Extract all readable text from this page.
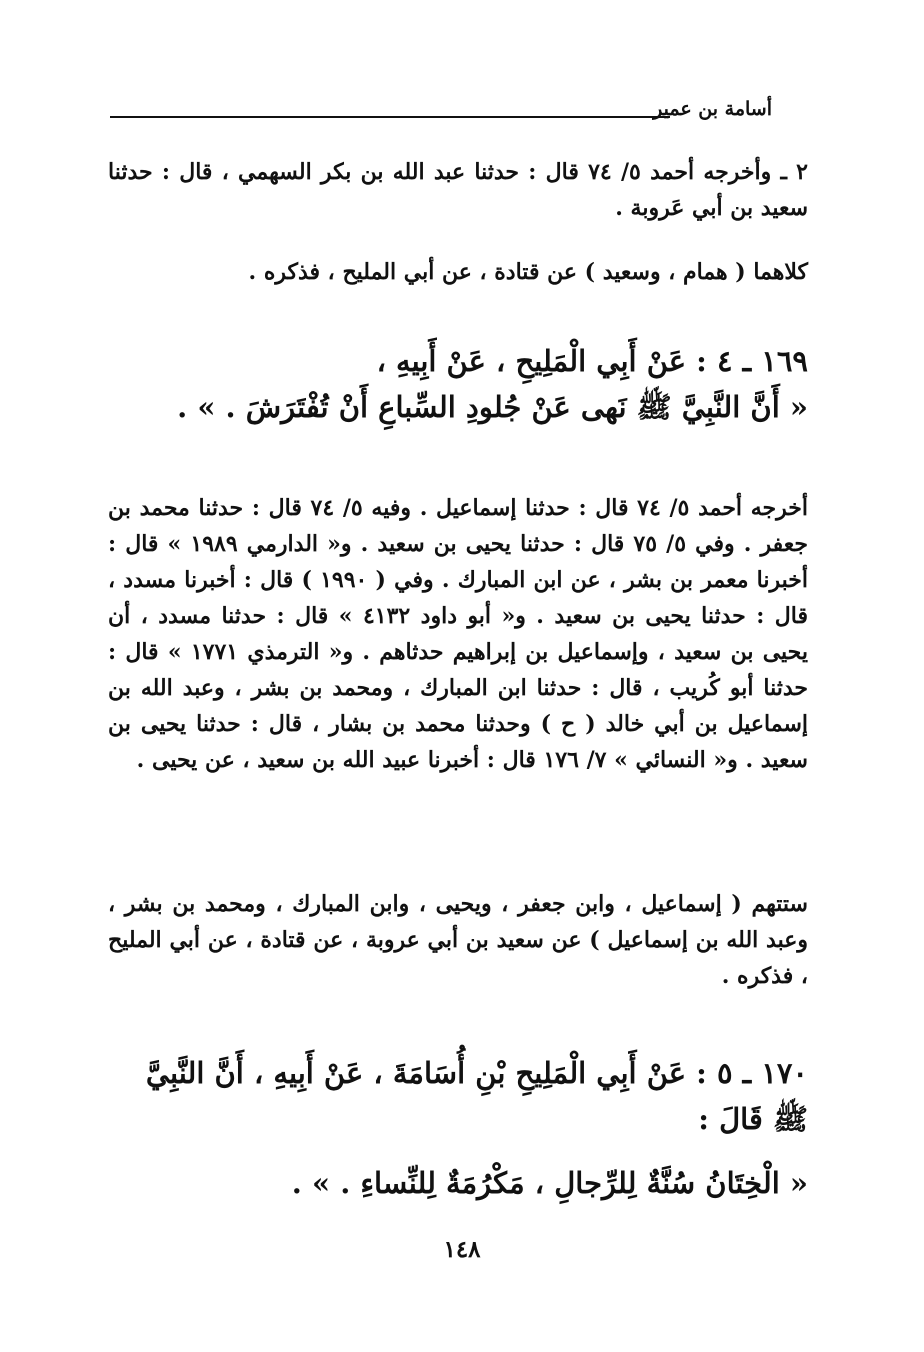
أسامة بن عمير

٢ ـ وأخرجه أحمد ٥/ ٧٤ قال : حدثنا عبد الله بن بكر السهمي ، قال : حدثنا سعيد بن أبي عَروبة .

كلاهما ( همام ، وسعيد ) عن قتادة ، عن أبي المليح ، فذكره .

١٦٩ ـ ٤ : عَنْ أَبِي الْمَلِيحِ ، عَنْ أَبِيهِ ،

« أَنَّ النَّبِيَّ ﷺ نَهى عَنْ جُلودِ السِّباعِ أَنْ تُفْتَرَشَ . » .

أخرجه أحمد ٥/ ٧٤ قال : حدثنا إسماعيل . وفيه ٥/ ٧٤ قال : حدثنا محمد بن جعفر . وفي ٥/ ٧٥ قال : حدثنا يحيى بن سعيد . و« الدارمي ١٩٨٩ » قال : أخبرنا معمر بن بشر ، عن ابن المبارك . وفي ( ١٩٩٠ ) قال : أخبرنا مسدد ، قال : حدثنا يحيى بن سعيد . و« أبو داود ٤١٣٢ » قال : حدثنا مسدد ، أن يحيى بن سعيد ، وإسماعيل بن إبراهيم حدثاهم . و« الترمذي ١٧٧١ » قال : حدثنا أبو كُريب ، قال : حدثنا ابن المبارك ، ومحمد بن بشر ، وعبد الله بن إسماعيل بن أبي خالد ( ح ) وحدثنا محمد بن بشار ، قال : حدثنا يحيى بن سعيد . و« النسائي » ٧/ ١٧٦ قال : أخبرنا عبيد الله بن سعيد ، عن يحيى .

ستتهم ( إسماعيل ، وابن جعفر ، ويحيى ، وابن المبارك ، ومحمد بن بشر ، وعبد الله بن إسماعيل ) عن سعيد بن أبي عروبة ، عن قتادة ، عن أبي المليح ، فذكره .

١٧٠ ـ ٥ : عَنْ أَبِي الْمَلِيحِ بْنِ أُسَامَةَ ، عَنْ أَبِيهِ ، أَنَّ النَّبِيَّ ﷺ قَالَ :

« الْخِتَانُ سُنَّةٌ لِلرِّجالِ ، مَكْرُمَةٌ لِلنِّساءِ . » .

١٤٨
